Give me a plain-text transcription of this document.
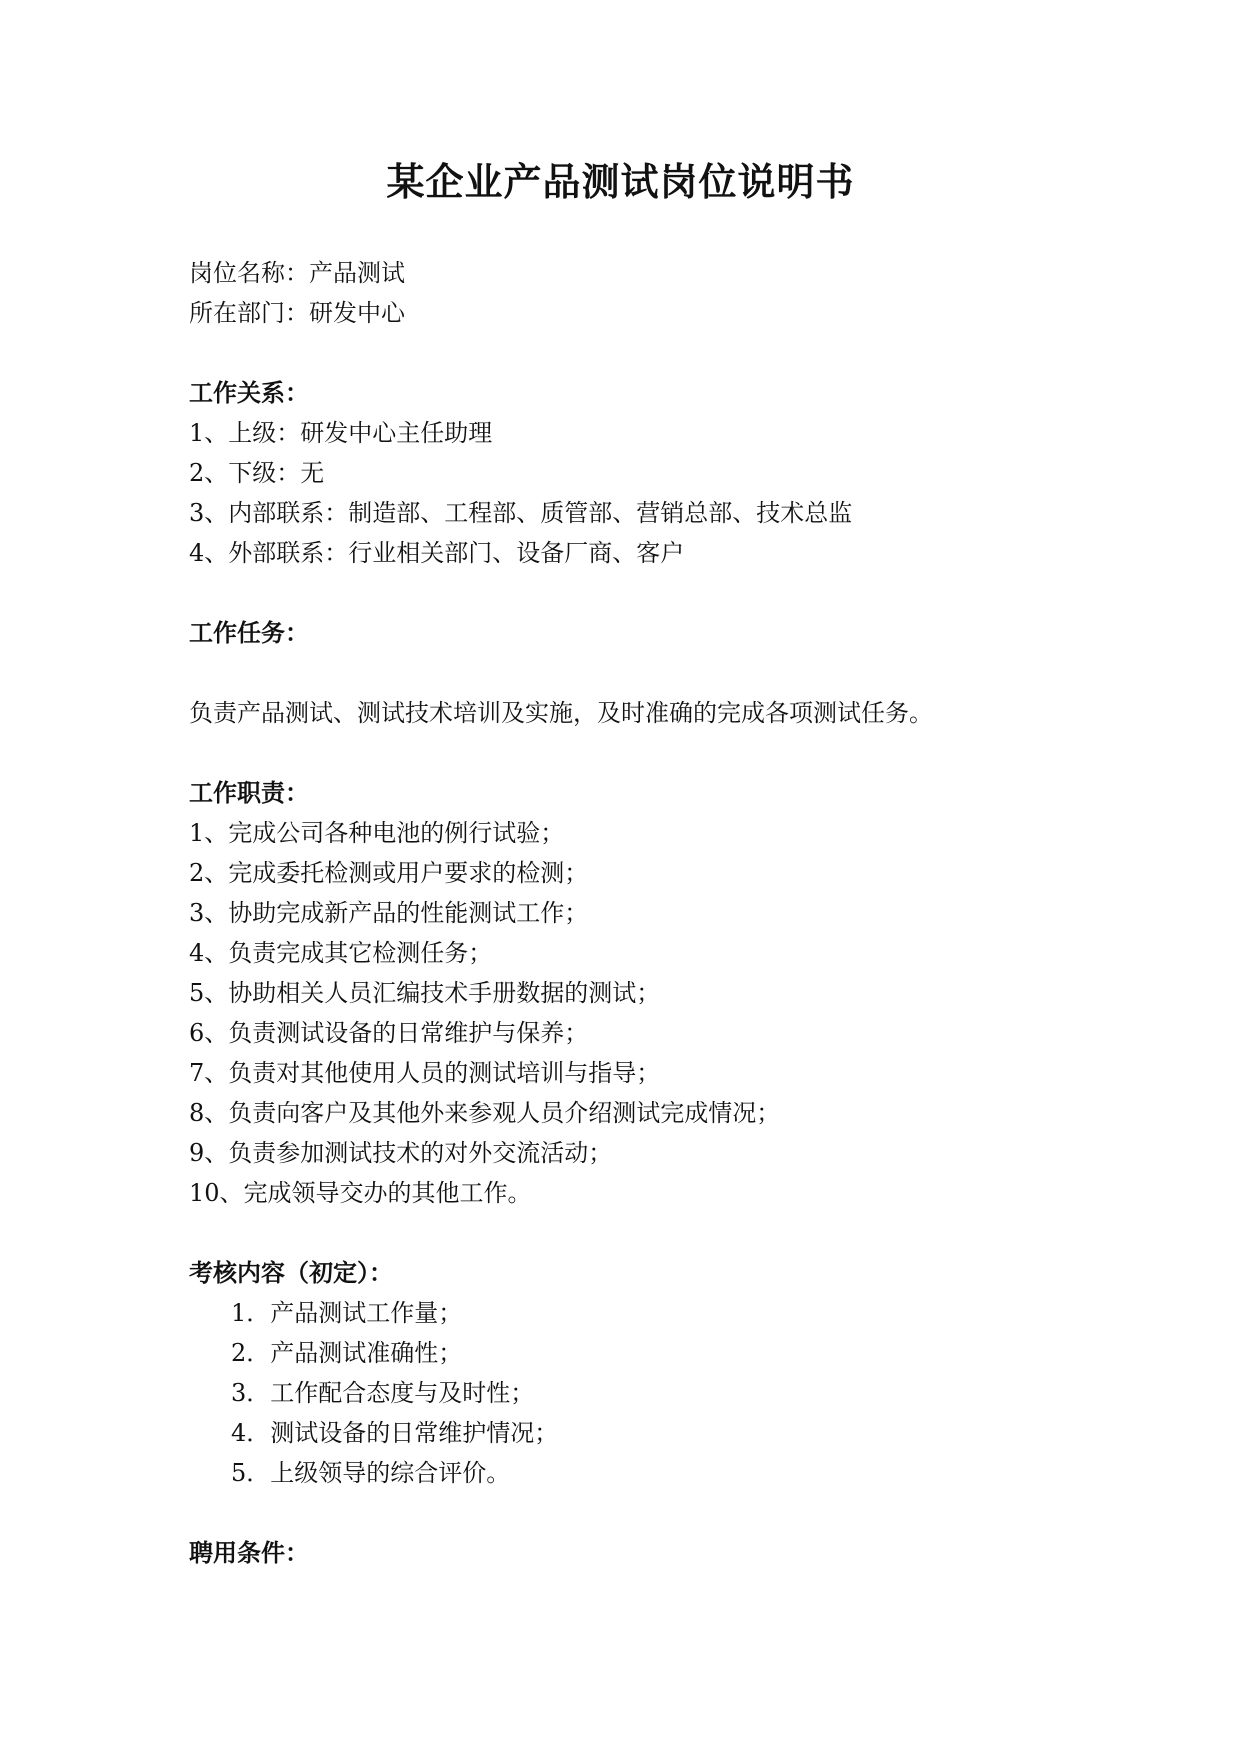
某企业产品测试岗位说明书
岗位名称：产品测试
所在部门：研发中心
工作关系：
1、上级：研发中心主任助理
2、下级：无
3、内部联系：制造部、工程部、质管部、营销总部、技术总监
4、外部联系：行业相关部门、设备厂商、客户
工作任务：
负责产品测试、测试技术培训及实施，及时准确的完成各项测试任务。
工作职责：
1、完成公司各种电池的例行试验；
2、完成委托检测或用户要求的检测；
3、协助完成新产品的性能测试工作；
4、负责完成其它检测任务；
5、协助相关人员汇编技术手册数据的测试；
6、负责测试设备的日常维护与保养；
7、负责对其他使用人员的测试培训与指导；
8、负责向客户及其他外来参观人员介绍测试完成情况；
9、负责参加测试技术的对外交流活动；
10、完成领导交办的其他工作。
考核内容（初定）：
1．产品测试工作量；
2．产品测试准确性；
3．工作配合态度与及时性；
4．测试设备的日常维护情况；
5．上级领导的综合评价。
聘用条件：
